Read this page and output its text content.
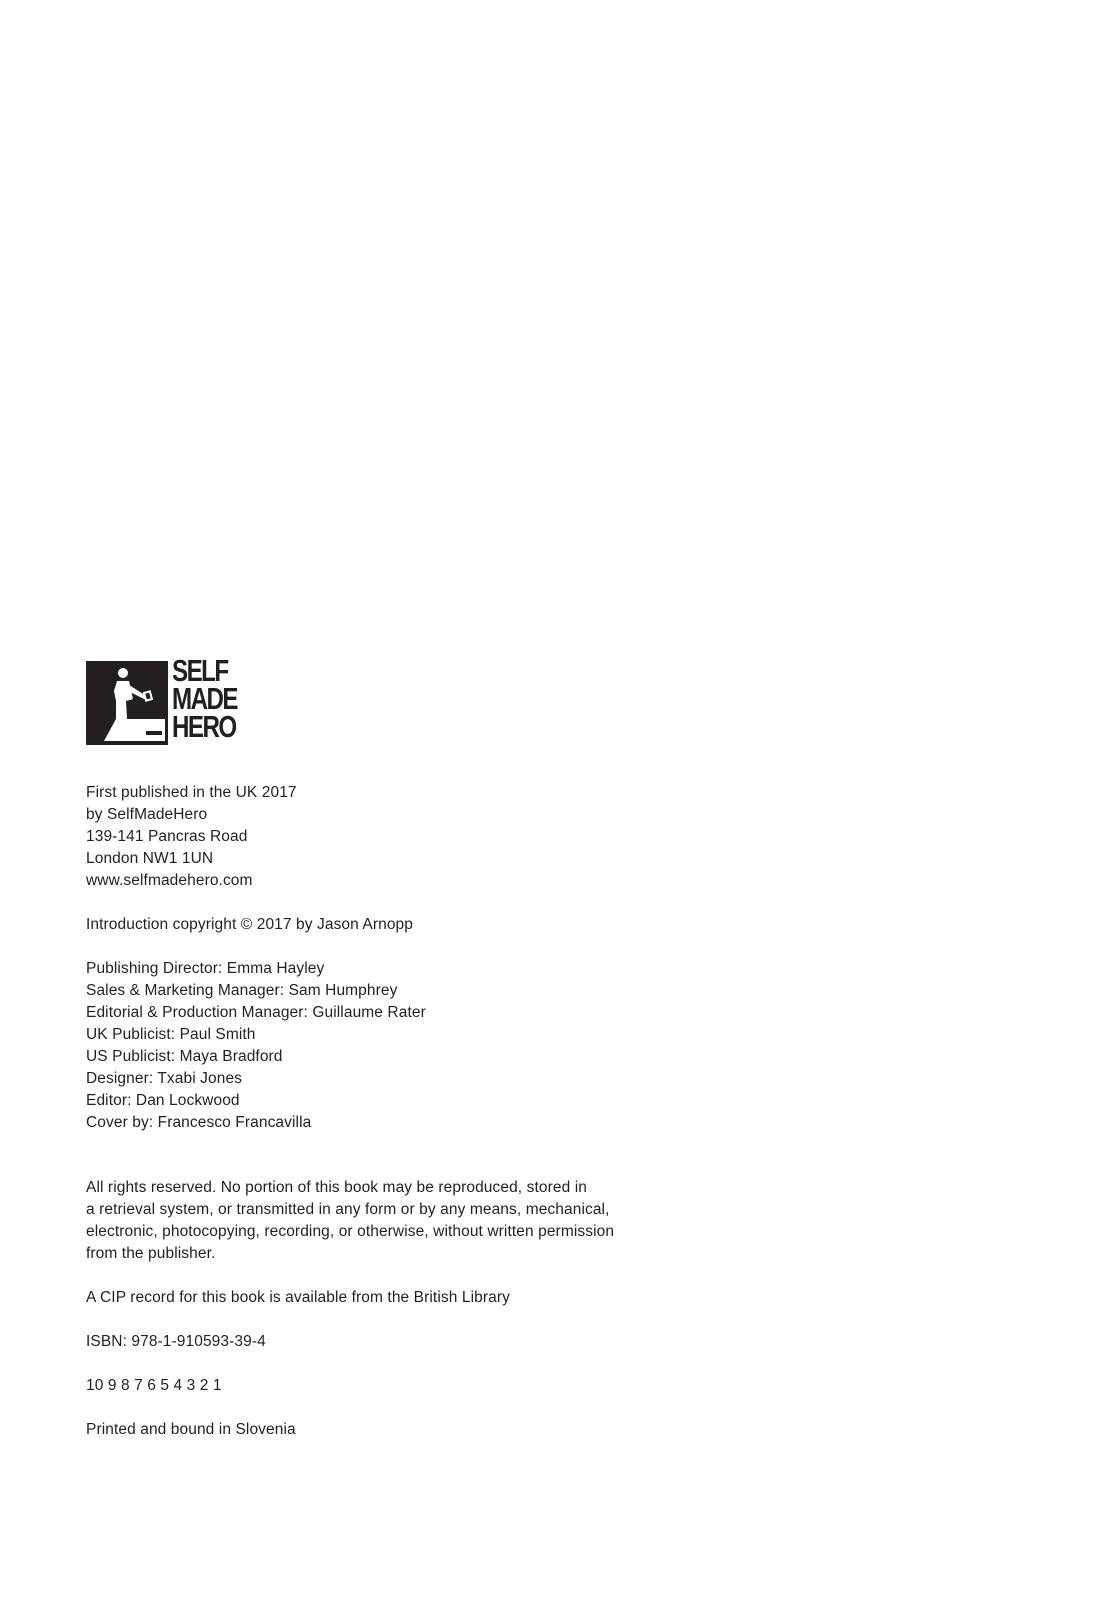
SELF
MADE
HERO
First published in the UK 2017
by SelfMadeHero
139-141 Pancras Road
London NW1 1UN
www.selfmadehero.com
Introduction copyright © 2017 by Jason Arnopp
Publishing Director: Emma Hayley
Sales & Marketing Manager: Sam Humphrey
Editorial & Production Manager: Guillaume Rater
UK Publicist: Paul Smith
US Publicist: Maya Bradford
Designer: Txabi Jones
Editor: Dan Lockwood
Cover by: Francesco Francavilla
All rights reserved. No portion of this book may be reproduced, stored in
a retrieval system, or transmitted in any form or by any means, mechanical,
electronic, photocopying, recording, or otherwise, without written permission
from the publisher.
A CIP record for this book is available from the British Library
ISBN: 978-1-910593-39-4
10 9 8 7 6 5 4 3 2 1
Printed and bound in Slovenia
